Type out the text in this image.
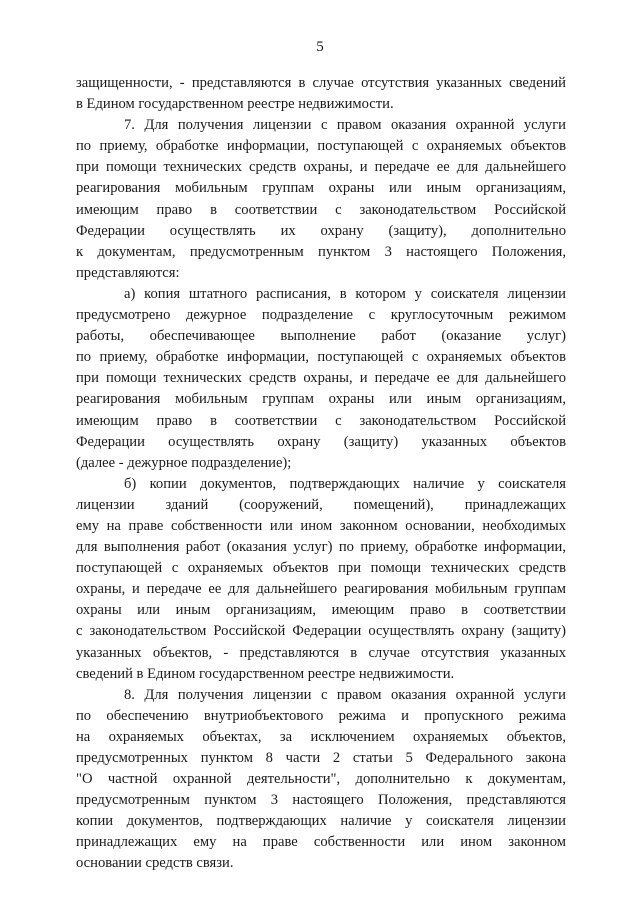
5
защищенности, - представляются в случае отсутствия указанных сведений
в Едином государственном реестре недвижимости.
7. Для получения лицензии с правом оказания охранной услуги
по приему, обработке информации, поступающей с охраняемых объектов
при помощи технических средств охраны, и передаче ее для дальнейшего
реагирования мобильным группам охраны или иным организациям,
имеющим право в соответствии с законодательством Российской
Федерации осуществлять их охрану (защиту), дополнительно
к документам, предусмотренным пунктом 3 настоящего Положения,
представляются:
а) копия штатного расписания, в котором у соискателя лицензии
предусмотрено дежурное подразделение с круглосуточным режимом
работы, обеспечивающее выполнение работ (оказание услуг)
по приему, обработке информации, поступающей с охраняемых объектов
при помощи технических средств охраны, и передаче ее для дальнейшего
реагирования мобильным группам охраны или иным организациям,
имеющим право в соответствии с законодательством Российской
Федерации осуществлять охрану (защиту) указанных объектов
(далее - дежурное подразделение);
б) копии документов, подтверждающих наличие у соискателя
лицензии зданий (сооружений, помещений), принадлежащих
ему на праве собственности или ином законном основании, необходимых
для выполнения работ (оказания услуг) по приему, обработке информации,
поступающей с охраняемых объектов при помощи технических средств
охраны, и передаче ее для дальнейшего реагирования мобильным группам
охраны или иным организациям, имеющим право в соответствии
с законодательством Российской Федерации осуществлять охрану (защиту)
указанных объектов, - представляются в случае отсутствия указанных
сведений в Едином государственном реестре недвижимости.
8. Для получения лицензии с правом оказания охранной услуги
по обеспечению внутриобъектового режима и пропускного режима
на охраняемых объектах, за исключением охраняемых объектов,
предусмотренных пунктом 8 части 2 статьи 5 Федерального закона
"О частной охранной деятельности", дополнительно к документам,
предусмотренным пунктом 3 настоящего Положения, представляются
копии документов, подтверждающих наличие у соискателя лицензии
принадлежащих ему на праве собственности или ином законном
основании средств связи.
